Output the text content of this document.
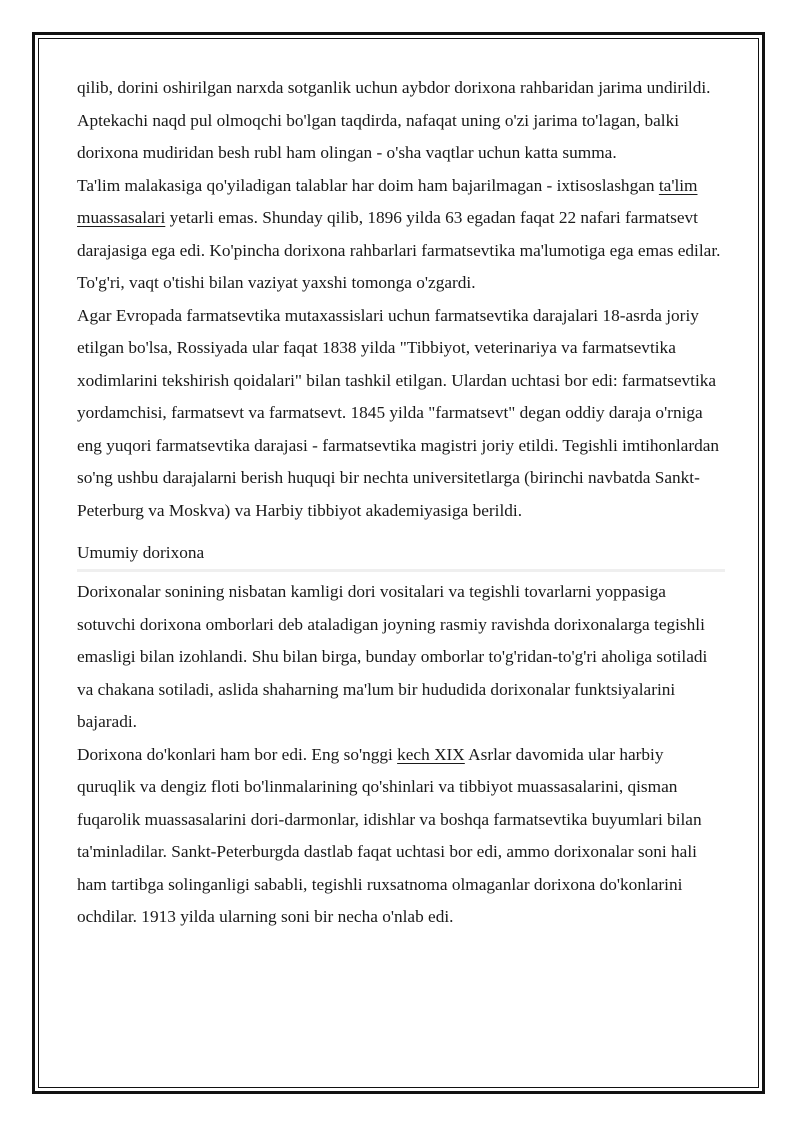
qilib, dorini oshirilgan narxda sotganlik uchun aybdor dorixona rahbaridan jarima undirildi. Aptekachi naqd pul olmoqchi bo'lgan taqdirda, nafaqat uning o'zi jarima to'lagan, balki dorixona mudiridan besh rubl ham olingan - o'sha vaqtlar uchun katta summa.

Ta'lim malakasiga qo'yiladigan talablar har doim ham bajarilmagan - ixtisoslashgan ta'lim muassasalari yetarli emas. Shunday qilib, 1896 yilda 63 egadan faqat 22 nafari farmatsevt darajasiga ega edi. Ko'pincha dorixona rahbarlari farmatsevtika ma'lumotiga ega emas edilar. To'g'ri, vaqt o'tishi bilan vaziyat yaxshi tomonga o'zgardi.

Agar Evropada farmatsevtika mutaxassislari uchun farmatsevtika darajalari 18-asrda joriy etilgan bo'lsa, Rossiyada ular faqat 1838 yilda "Tibbiyot, veterinariya va farmatsevtika xodimlarini tekshirish qoidalari" bilan tashkil etilgan. Ulardan uchtasi bor edi: farmatsevtika yordamchisi, farmatsevt va farmatsevt. 1845 yilda "farmatsevt" degan oddiy daraja o'rniga eng yuqori farmatsevtika darajasi - farmatsevtika magistri joriy etildi. Tegishli imtihonlardan so'ng ushbu darajalarni berish huquqi bir nechta universitetlarga (birinchi navbatda Sankt-Peterburg va Moskva) va Harbiy tibbiyot akademiyasiga berildi.

Umumiy dorixona

Dorixonalar sonining nisbatan kamligi dori vositalari va tegishli tovarlarni yoppasiga sotuvchi dorixona omborlari deb ataladigan joyning rasmiy ravishda dorixonalarga tegishli emasligi bilan izohlandi. Shu bilan birga, bunday omborlar to'g'ridan-to'g'ri aholiga sotiladi va chakana sotiladi, aslida shaharning ma'lum bir hududida dorixonalar funktsiyalarini bajaradi.

Dorixona do'konlari ham bor edi. Eng so'nggi kech XIX Asrlar davomida ular harbiy quruqlik va dengiz floti bo'linmalarining qo'shinlari va tibbiyot muassasalarini, qisman fuqarolik muassasalarini dori-darmonlar, idishlar va boshqa farmatsevtika buyumlari bilan ta'minladilar. Sankt-Peterburgda dastlab faqat uchtasi bor edi, ammo dorixonalar soni hali ham tartibga solinganligi sababli, tegishli ruxsatnoma olmaganlar dorixona do'konlarini ochdilar. 1913 yilda ularning soni bir necha o'nlab edi.
